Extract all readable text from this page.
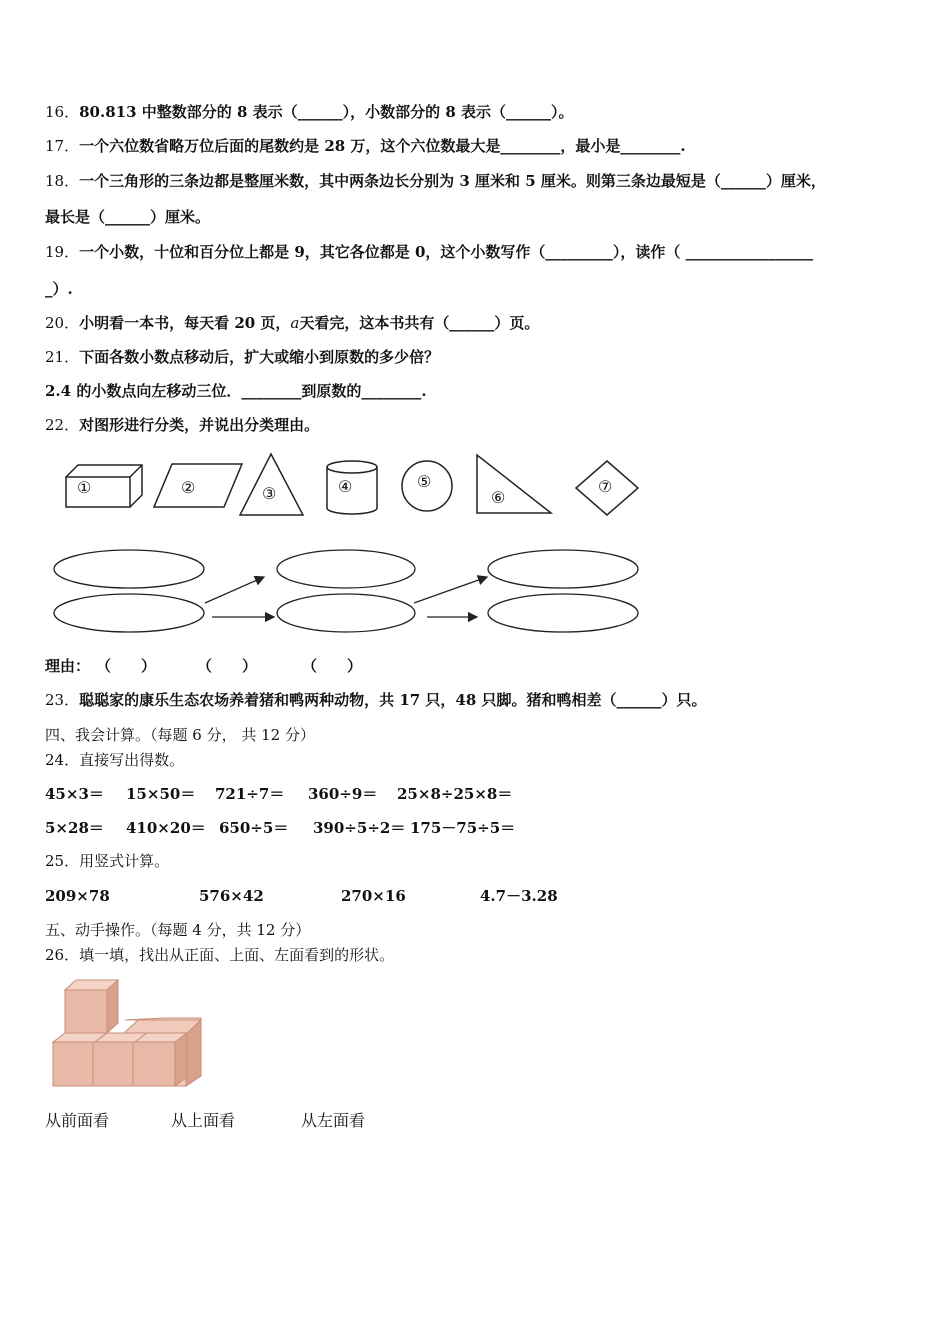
16．80.813 中整数部分的 8 表示（______），小数部分的 8 表示（______）。
17．一个六位数省略万位后面的尾数约是 28 万，这个六位数最大是________，最小是________.
18．一个三角形的三条边都是整厘米数，其中两条边长分别为 3 厘米和 5 厘米。则第三条边最短是（______）厘米，
最长是（______）厘米。
19．一个小数，十位和百分位上都是 9，其它各位都是 0，这个小数写作（_________），读作（ _________________
_）.
20．小明看一本书，每天看 20 页，a天看完，这本书共有（______）页。
21．下面各数小数点移动后，扩大或缩小到原数的多少倍？
2.4 的小数点向左移动三位．________到原数的________.
22．对图形进行分类，并说出分类理由。
①	②	③	④	⑤
⑥
⑦
理由： （　　）	（　　）	（　　）
23．聪聪家的康乐生态农场养着猪和鸭两种动物，共 17 只，48 只脚。猪和鸭相差（______）只。
四、我会计算。（每题 6 分， 共 12 分）
24．直接写出得数。
45×3＝ 15×50＝ 721÷7＝ 360÷9＝ 25×8÷25×8＝
5×28＝ 410×20＝ 650÷5＝ 390÷5÷2＝ 175－75÷5＝
25．用竖式计算。
209×78	576×42	270×16	4.7－3.28
五、动手操作。（每题 4 分，共 12 分）
26．填一填，找出从正面、上面、左面看到的形状。
从前面看	从上面看	从左面看
